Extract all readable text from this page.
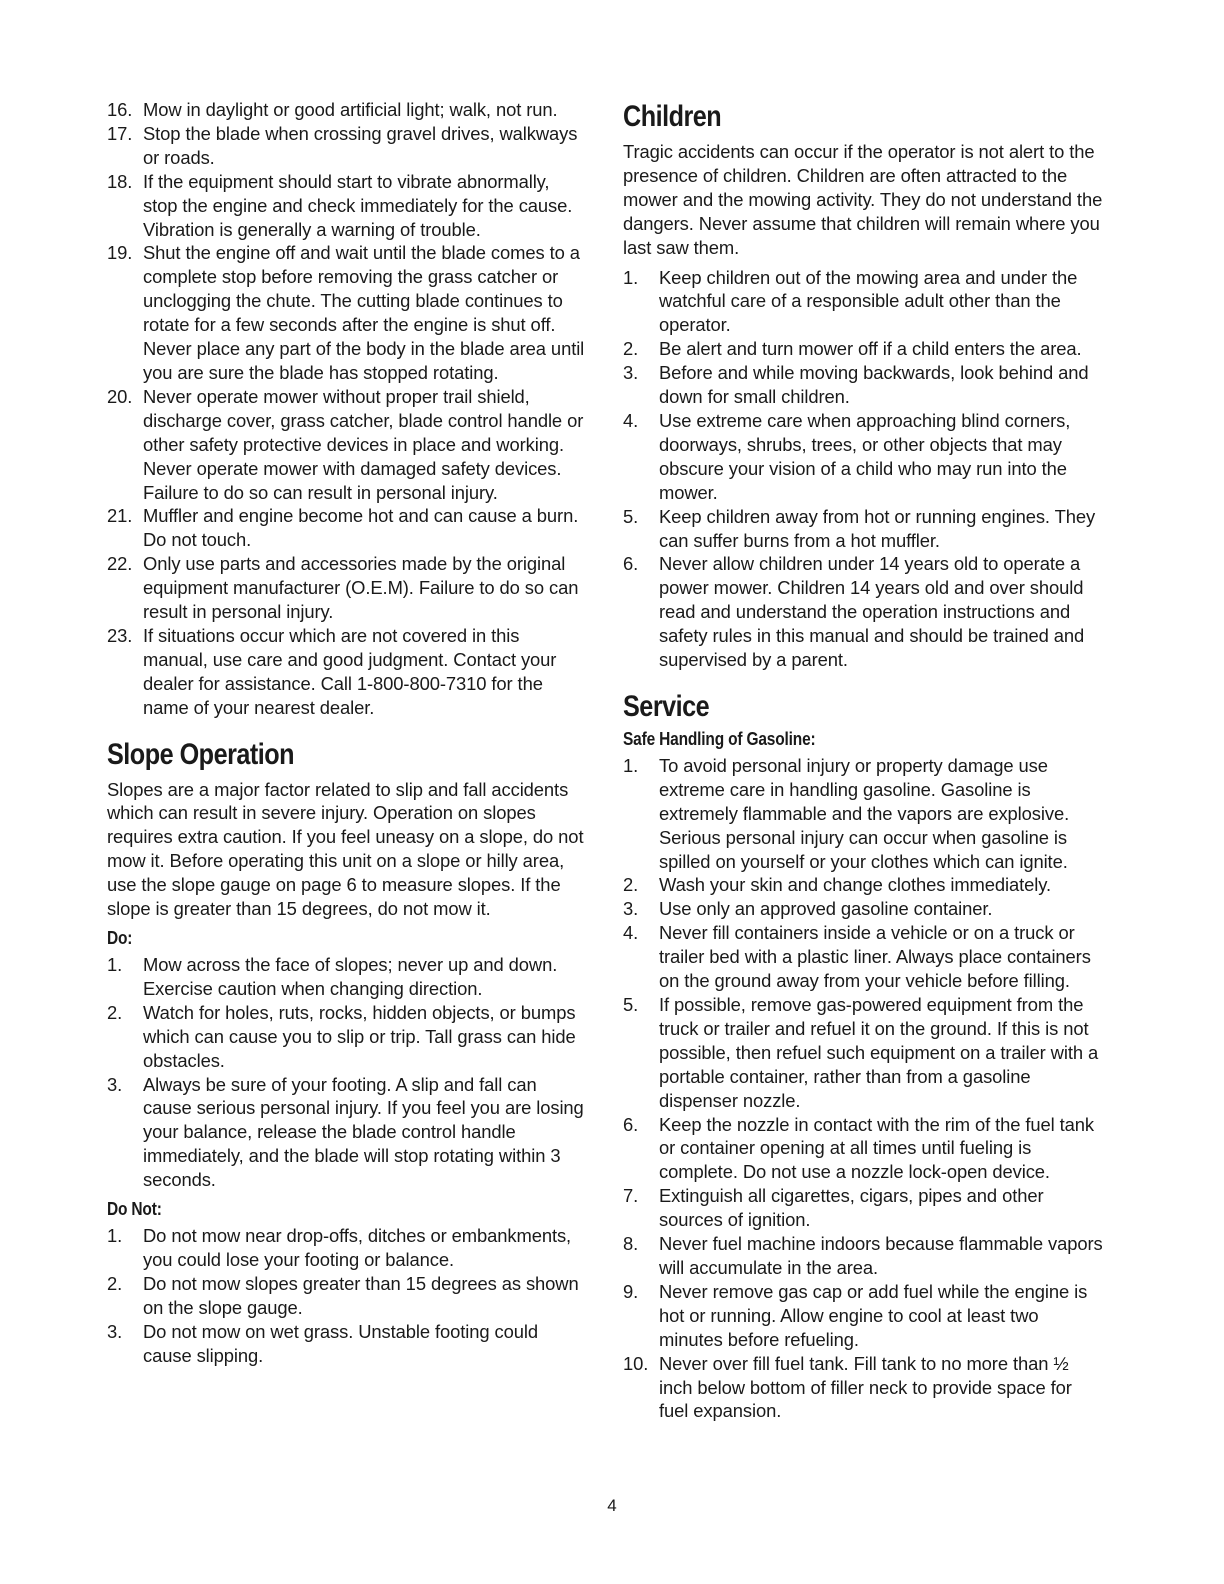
16. Mow in daylight or good artificial light; walk, not run.
17. Stop the blade when crossing gravel drives, walkways or roads.
18. If the equipment should start to vibrate abnormally, stop the engine and check immediately for the cause. Vibration is generally a warning of trouble.
19. Shut the engine off and wait until the blade comes to a complete stop before removing the grass catcher or unclogging the chute. The cutting blade continues to rotate for a few seconds after the engine is shut off. Never place any part of the body in the blade area until you are sure the blade has stopped rotating.
20. Never operate mower without proper trail shield, discharge cover, grass catcher, blade control handle or other safety protective devices in place and working. Never operate mower with damaged safety devices. Failure to do so can result in personal injury.
21. Muffler and engine become hot and can cause a burn. Do not touch.
22. Only use parts and accessories made by the original equipment manufacturer (O.E.M). Failure to do so can result in personal injury.
23. If situations occur which are not covered in this manual, use care and good judgment. Contact your dealer for assistance. Call 1-800-800-7310 for the name of your nearest dealer.
Slope Operation

Slopes are a major factor related to slip and fall accidents which can result in severe injury. Operation on slopes requires extra caution. If you feel uneasy on a slope, do not mow it. Before operating this unit on a slope or hilly area, use the slope gauge on page 6 to measure slopes. If the slope is greater than 15 degrees, do not mow it.

Do:
1.	Mow across the face of slopes; never up and down. Exercise caution when changing direction.
2.	Watch for holes, ruts, rocks, hidden objects, or bumps which can cause you to slip or trip. Tall grass can hide obstacles.
3.	Always be sure of your footing. A slip and fall can cause serious personal injury. If you feel you are losing your balance, release the blade control handle immediately, and the blade will stop rotating within 3 seconds.
Do Not:
1.	Do not mow near drop-offs, ditches or embankments, you could lose your footing or balance.
2.	Do not mow slopes greater than 15 degrees as shown on the slope gauge.
3.	Do not mow on wet grass. Unstable footing could cause slipping.
Children

Tragic accidents can occur if the operator is not alert to the presence of children. Children are often attracted to the mower and the mowing activity. They do not understand the dangers. Never assume that children will remain where you last saw them.

1.	Keep children out of the mowing area and under the watchful care of a responsible adult other than the operator.
2.	Be alert and turn mower off if a child enters the area.
3.	Before and while moving backwards, look behind and down for small children.
4.	Use extreme care when approaching blind corners, doorways, shrubs, trees, or other objects that may obscure your vision of a child who may run into the mower.
5.	Keep children away from hot or running engines. They can suffer burns from a hot muffler.
6.	Never allow children under 14 years old to operate a power mower. Children 14 years old and over should read and understand the operation instructions and safety rules in this manual and should be trained and supervised by a parent.
Service
Safe Handling of Gasoline:
1.	To avoid personal injury or property damage use extreme care in handling gasoline. Gasoline is extremely flammable and the vapors are explosive. Serious personal injury can occur when gasoline is spilled on yourself or your clothes which can ignite.
2.	Wash your skin and change clothes immediately.
3.	Use only an approved gasoline container.
4.	Never fill containers inside a vehicle or on a truck or trailer bed with a plastic liner. Always place containers on the ground away from your vehicle before filling.
5.	If possible, remove gas-powered equipment from the truck or trailer and refuel it on the ground. If this is not possible, then refuel such equipment on a trailer with a portable container, rather than from a gasoline dispenser nozzle.
6.	Keep the nozzle in contact with the rim of the fuel tank or container opening at all times until fueling is complete. Do not use a nozzle lock-open device.
7.	Extinguish all cigarettes, cigars, pipes and other sources of ignition.
8.	Never fuel machine indoors because flammable vapors will accumulate in the area.
9.	Never remove gas cap or add fuel while the engine is hot or running. Allow engine to cool at least two minutes before refueling.
10. Never over fill fuel tank. Fill tank to no more than ½ inch below bottom of filler neck to provide space for fuel expansion.
4
